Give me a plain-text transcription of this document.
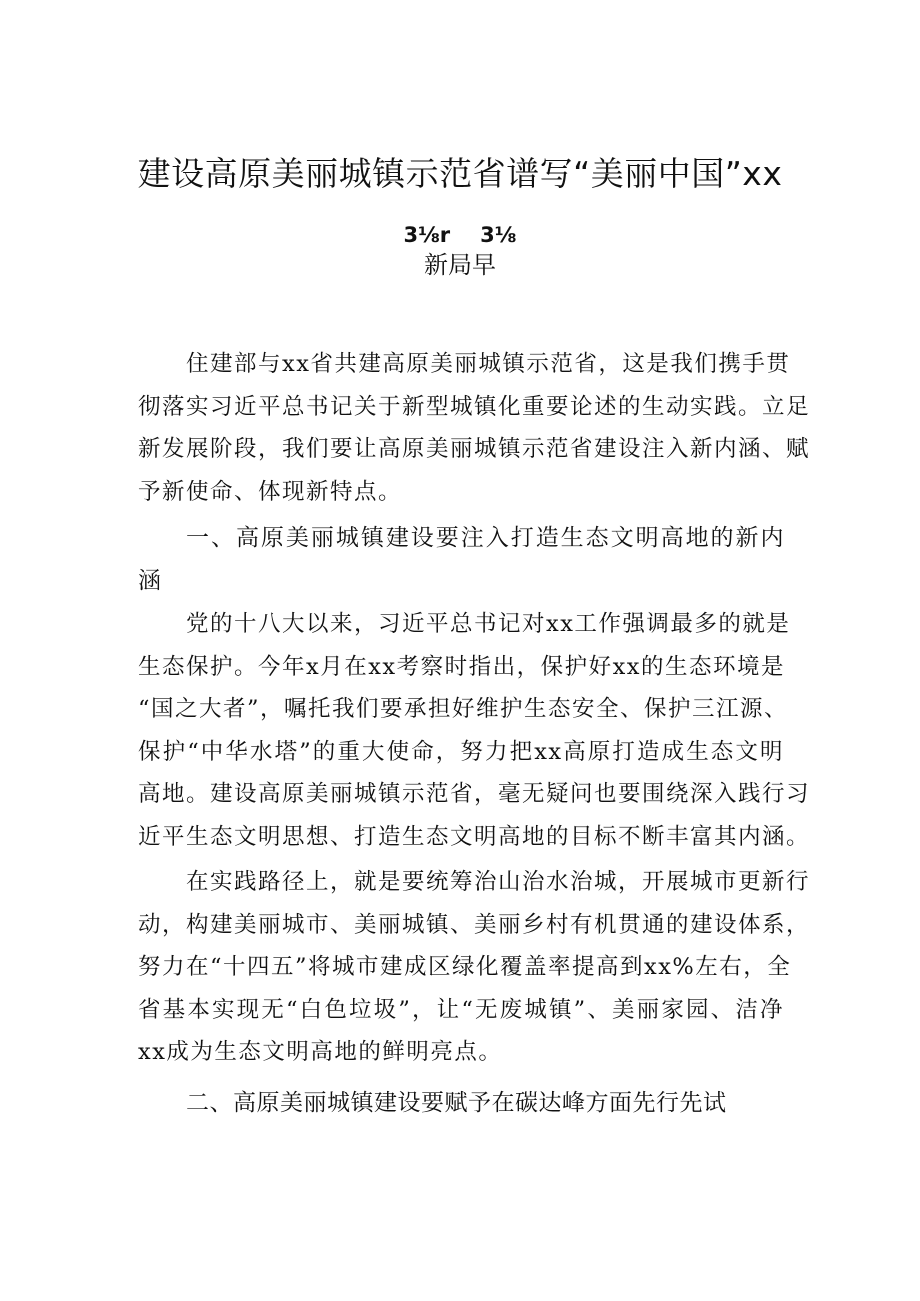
建设高原美丽城镇示范省谱写“美丽中国”xx
3⅛r 3⅛
新局早
住建部与xx省共建高原美丽城镇示范省，这是我们携手贯
彻落实习近平总书记关于新型城镇化重要论述的生动实践。立足
新发展阶段，我们要让高原美丽城镇示范省建设注入新内涵、赋
予新使命、体现新特点。
一、高原美丽城镇建设要注入打造生态文明高地的新内
涵
党的十八大以来，习近平总书记对xx工作强调最多的就是
生态保护。今年x月在xx考察时指出，保护好xx的生态环境是
“国之大者”，嘱托我们要承担好维护生态安全、保护三江源、
保护“中华水塔”的重大使命，努力把xx高原打造成生态文明
高地。建设高原美丽城镇示范省，毫无疑问也要围绕深入践行习
近平生态文明思想、打造生态文明高地的目标不断丰富其内涵。
在实践路径上，就是要统筹治山治水治城，开展城市更新行
动，构建美丽城市、美丽城镇、美丽乡村有机贯通的建设体系，
努力在“十四五”将城市建成区绿化覆盖率提高到xx%左右，全
省基本实现无“白色垃圾”，让“无废城镇”、美丽家园、洁净
xx成为生态文明高地的鲜明亮点。
二、高原美丽城镇建设要赋予在碳达峰方面先行先试
